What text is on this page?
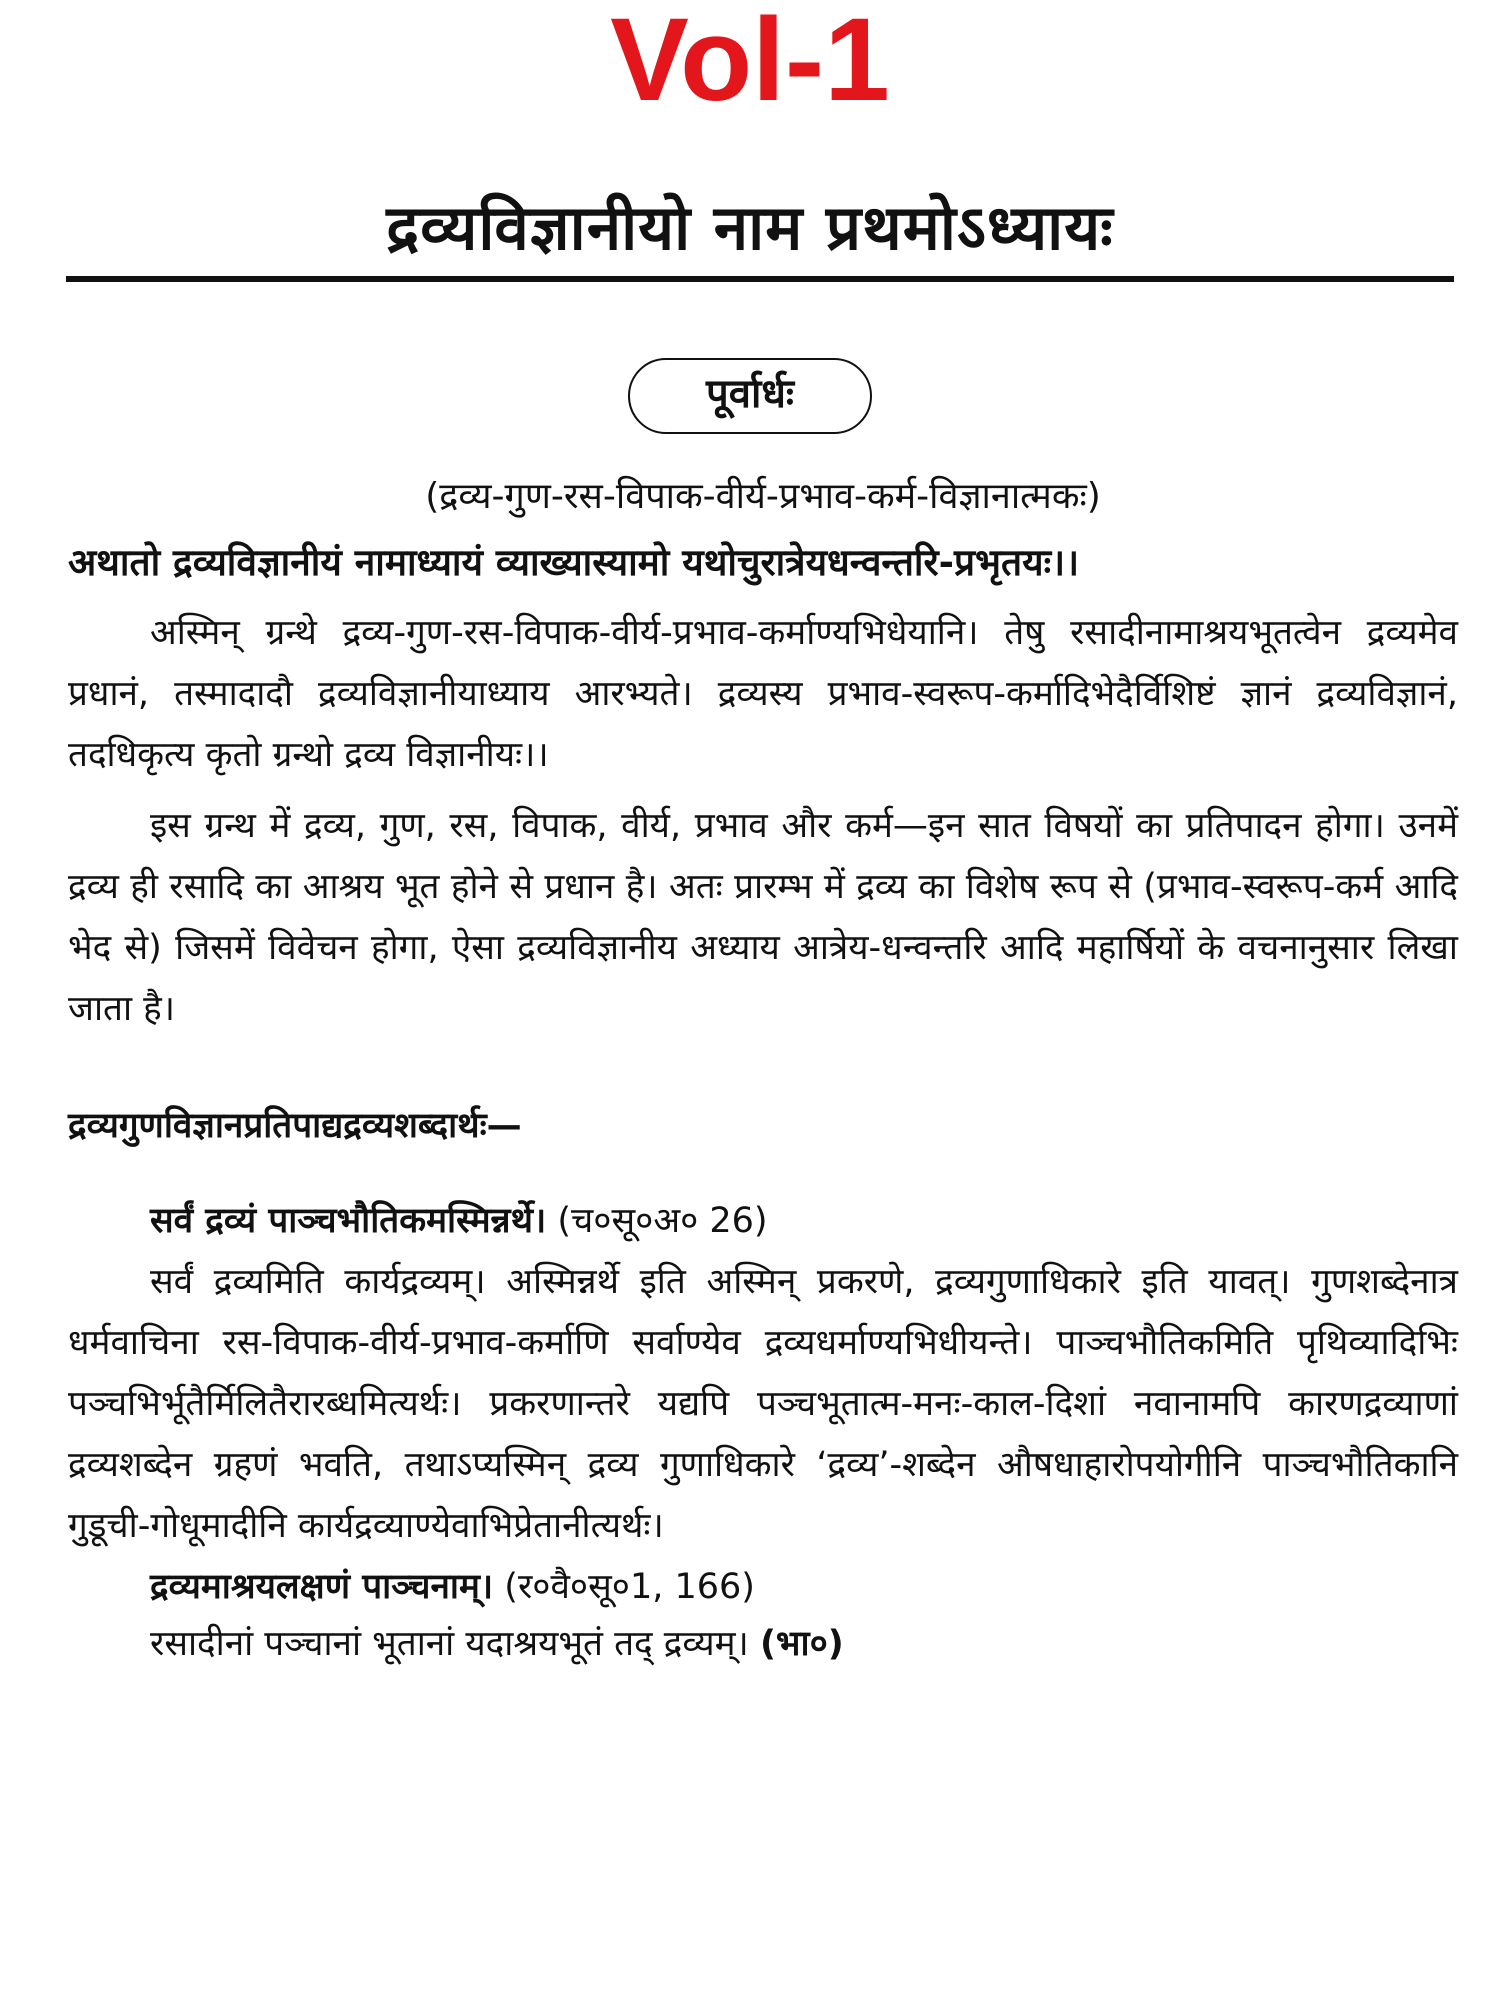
Vol-1
द्रव्यविज्ञानीयो नाम प्रथमोऽध्यायः
पूर्वार्धः

(द्रव्य-गुण-रस-विपाक-वीर्य-प्रभाव-कर्म-विज्ञानात्मकः)

अथातो द्रव्यविज्ञानीयं नामाध्यायं व्याख्यास्यामो यथोचुरात्रेयधन्वन्तरि-प्रभृतयः।।

अस्मिन् ग्रन्थे द्रव्य-गुण-रस-विपाक-वीर्य-प्रभाव-कर्माण्यभिधेयानि। तेषु रसादीनामाश्रयभूतत्वेन द्रव्यमेव प्रधानं, तस्मादादौ द्रव्यविज्ञानीयाध्याय आरभ्यते। द्रव्यस्य प्रभाव-स्वरूप-कर्मादिभेदैर्विशिष्टं ज्ञानं द्रव्यविज्ञानं, तदधिकृत्य कृतो ग्रन्थो द्रव्य विज्ञानीयः।।

इस ग्रन्थ में द्रव्य, गुण, रस, विपाक, वीर्य, प्रभाव और कर्म—इन सात विषयों का प्रतिपादन होगा। उनमें द्रव्य ही रसादि का आश्रय भूत होने से प्रधान है। अतः प्रारम्भ में द्रव्य का विशेष रूप से (प्रभाव-स्वरूप-कर्म आदि भेद से) जिसमें विवेचन होगा, ऐसा द्रव्यविज्ञानीय अध्याय आत्रेय-धन्वन्तरि आदि महार्षियों के वचनानुसार लिखा जाता है।

द्रव्यगुणविज्ञानप्रतिपाद्यद्रव्यशब्दार्थः—

सर्वं द्रव्यं पाञ्चभौतिकमस्मिन्नर्थे। (च०सू०अ० 26)

सर्वं द्रव्यमिति कार्यद्रव्यम्। अस्मिन्नर्थे इति अस्मिन् प्रकरणे, द्रव्यगुणाधिकारे इति यावत्। गुणशब्देनात्र धर्मवाचिना रस-विपाक-वीर्य-प्रभाव-कर्माणि सर्वाण्येव द्रव्यधर्माण्यभिधीयन्ते। पाञ्चभौतिकमिति पृथिव्यादिभिः पञ्चभिर्भूतैर्मिलितैरारब्धमित्यर्थः। प्रकरणान्तरे यद्यपि पञ्चभूतात्म-मनः-काल-दिशां नवानामपि कारणद्रव्याणां द्रव्यशब्देन ग्रहणं भवति, तथाऽप्यस्मिन् द्रव्य गुणाधिकारे ‘द्रव्य’-शब्देन औषधाहारोपयोगीनि पाञ्चभौतिकानि गुडूची-गोधूमादीनि कार्यद्रव्याण्येवाभिप्रेतानीत्यर्थः।

द्रव्यमाश्रयलक्षणं पाञ्चनाम्। (र०वै०सू०1, 166)

रसादीनां पञ्चानां भूतानां यदाश्रयभूतं तद् द्रव्यम्। (भा०)
